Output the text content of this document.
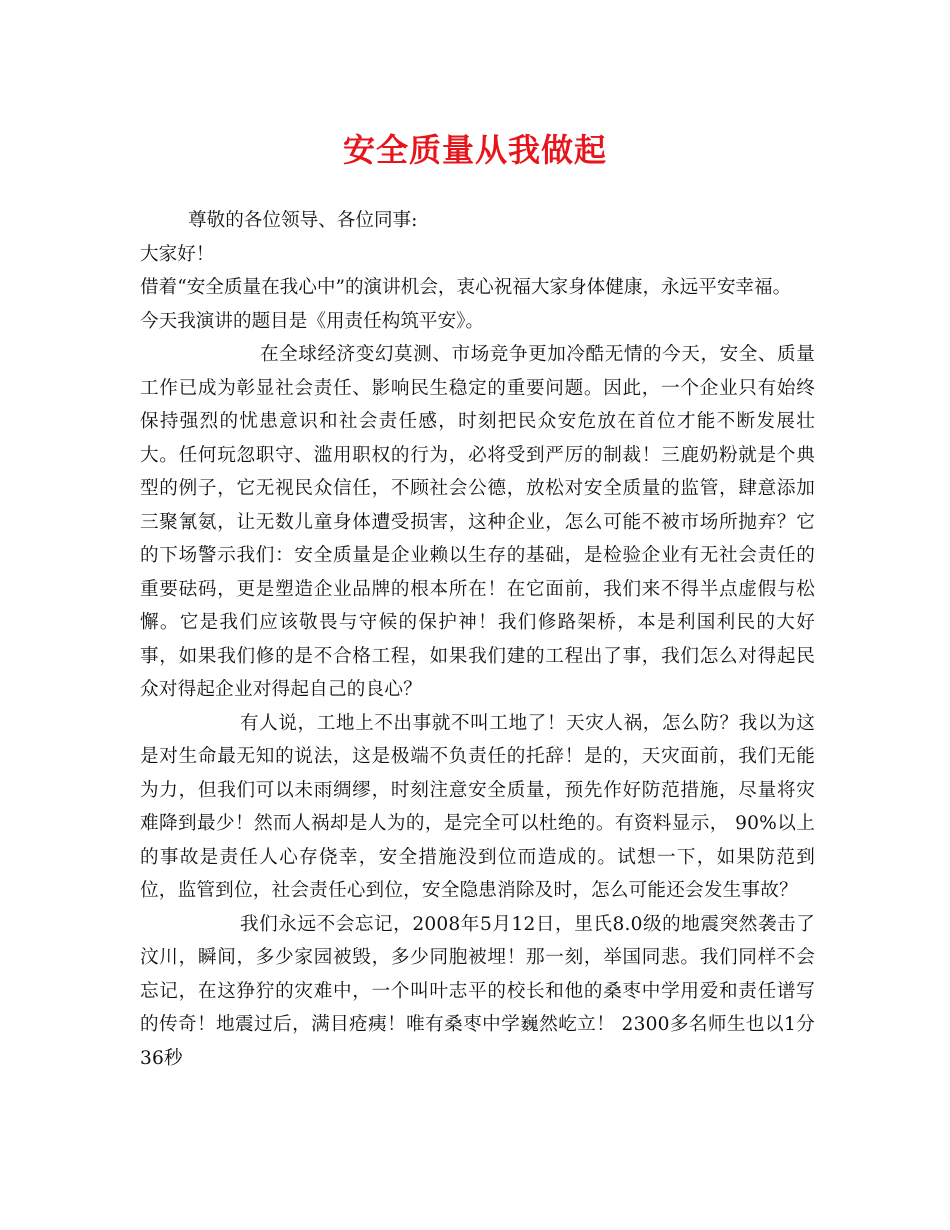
安全质量从我做起
尊敬的各位领导、各位同事:
大家好！
借着“安全质量在我心中”的演讲机会，衷心祝福大家身体健康，永远平安幸福。
今天我演讲的题目是《用责任构筑平安》。
在全球经济变幻莫测、市场竞争更加冷酷无情的今天，安全、质量工作已成为彰显社会责任、影响民生稳定的重要问题。因此，一个企业只有始终保持强烈的忧患意识和社会责任感，时刻把民众安危放在首位才能不断发展壮大。任何玩忽职守、滥用职权的行为，必将受到严厉的制裁！三鹿奶粉就是个典型的例子，它无视民众信任，不顾社会公德，放松对安全质量的监管，肆意添加三聚氰氨，让无数儿童身体遭受损害，这种企业，怎么可能不被市场所抛弃？它的下场警示我们：安全质量是企业赖以生存的基础，是检验企业有无社会责任的重要砝码，更是塑造企业品牌的根本所在！在它面前，我们来不得半点虚假与松懈。它是我们应该敬畏与守候的保护神！我们修路架桥，本是利国利民的大好事，如果我们修的是不合格工程，如果我们建的工程出了事，我们怎么对得起民众对得起企业对得起自己的良心？
有人说，工地上不出事就不叫工地了！天灾人祸，怎么防？我以为这是对生命最无知的说法，这是极端不负责任的托辞！是的，天灾面前，我们无能为力，但我们可以未雨绸缪，时刻注意安全质量，预先作好防范措施，尽量将灾难降到最少！然而人祸却是人为的，是完全可以杜绝的。有资料显示， 90%以上的事故是责任人心存侥幸，安全措施没到位而造成的。试想一下，如果防范到位，监管到位，社会责任心到位，安全隐患消除及时，怎么可能还会发生事故？
我们永远不会忘记，2008年5月12日，里氏8.0级的地震突然袭击了汶川，瞬间，多少家园被毁，多少同胞被埋！那一刻，举国同悲。我们同样不会忘记，在这狰狞的灾难中，一个叫叶志平的校长和他的桑枣中学用爱和责任谱写的传奇！地震过后，满目疮痍！唯有桑枣中学巍然屹立！ 2300多名师生也以1分36秒
